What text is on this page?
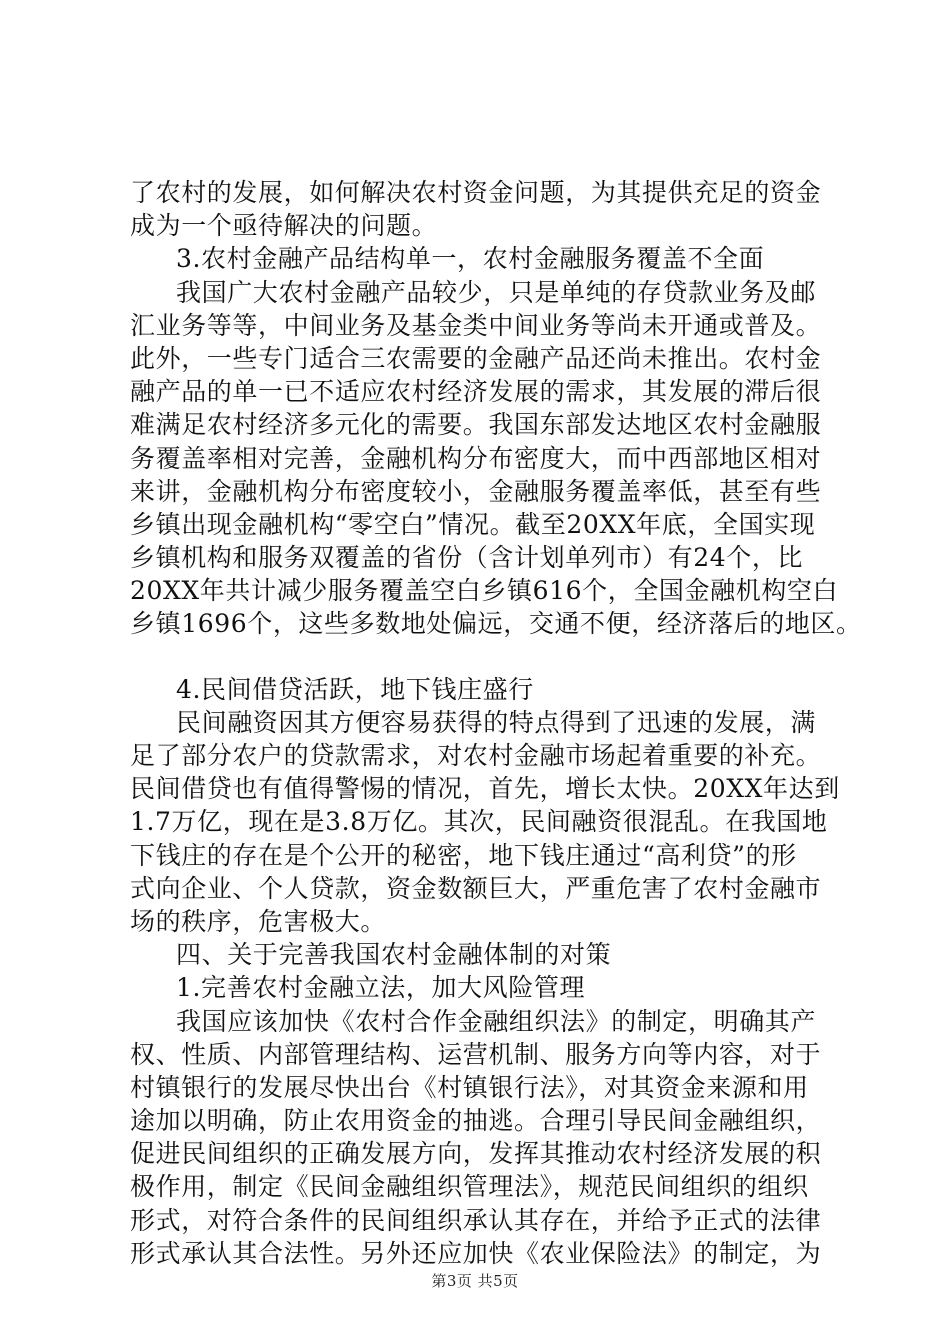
了农村的发展，如何解决农村资金问题，为其提供充足的资金
成为一个亟待解决的问题。
3.农村金融产品结构单一，农村金融服务覆盖不全面
我国广大农村金融产品较少，只是单纯的存贷款业务及邮
汇业务等等，中间业务及基金类中间业务等尚未开通或普及。
此外，一些专门适合三农需要的金融产品还尚未推出。农村金
融产品的单一已不适应农村经济发展的需求，其发展的滞后很
难满足农村经济多元化的需要。我国东部发达地区农村金融服
务覆盖率相对完善，金融机构分布密度大，而中西部地区相对
来讲，金融机构分布密度较小，金融服务覆盖率低，甚至有些
乡镇出现金融机构“零空白”情况。截至20XX年底，全国实现
乡镇机构和服务双覆盖的省份（含计划单列市）有24个，比
20XX年共计减少服务覆盖空白乡镇616个，全国金融机构空白
乡镇1696个，这些多数地处偏远，交通不便，经济落后的地区。
4.民间借贷活跃，地下钱庄盛行
民间融资因其方便容易获得的特点得到了迅速的发展，满
足了部分农户的贷款需求，对农村金融市场起着重要的补充。
民间借贷也有值得警惕的情况，首先，增长太快。20XX年达到
1.7万亿，现在是3.8万亿。其次，民间融资很混乱。在我国地
下钱庄的存在是个公开的秘密，地下钱庄通过“高利贷”的形
式向企业、个人贷款，资金数额巨大，严重危害了农村金融市
场的秩序，危害极大。
四、关于完善我国农村金融体制的对策
1.完善农村金融立法，加大风险管理
我国应该加快《农村合作金融组织法》的制定，明确其产
权、性质、内部管理结构、运营机制、服务方向等内容，对于
村镇银行的发展尽快出台《村镇银行法》，对其资金来源和用
途加以明确，防止农用资金的抽逃。合理引导民间金融组织，
促进民间组织的正确发展方向，发挥其推动农村经济发展的积
极作用，制定《民间金融组织管理法》，规范民间组织的组织
形式，对符合条件的民间组织承认其存在，并给予正式的法律
形式承认其合法性。另外还应加快《农业保险法》的制定，为
第3页 共5页
